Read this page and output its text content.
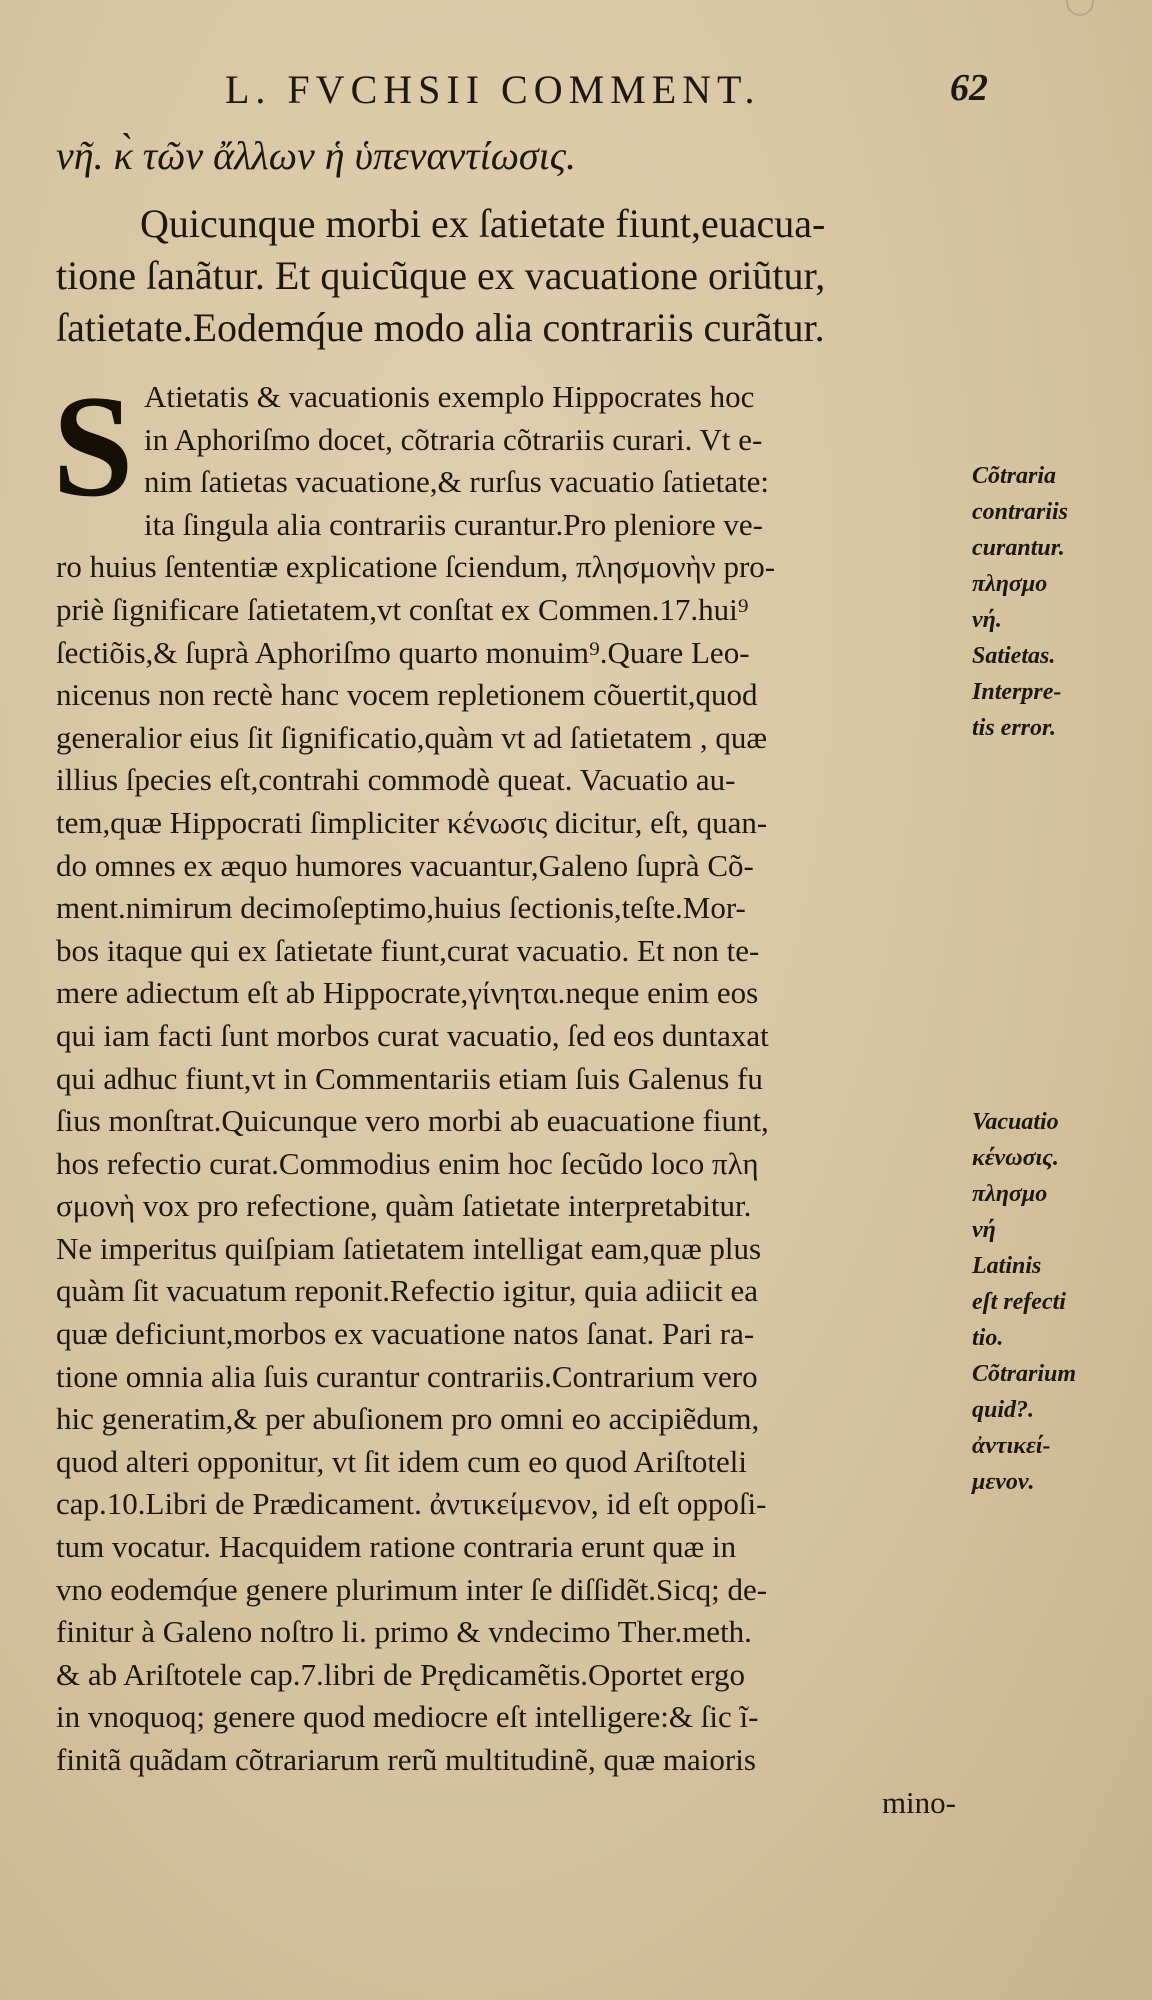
L. FVCHSII COMMENT.	62
νῆ. κ̀ τῶν ἄλλων ἡ ὑπεναντίωσις.
Quicunque morbi ex ſatietate fiunt,euacua-
tione ſanãtur. Et quicũque ex vacuatione oriũtur,
ſatietate.Eodemq́ue modo alia contrariis curãtur.
S Atietatis & vacuationis exemplo Hippocrates hoc
in Aphoriſmo docet, cõtraria cõtrariis curari. Vt e-
nim ſatietas vacuatione,& rurſus vacuatio ſatietate:
ita ſingula alia contrariis curantur.Pro pleniore ve-
ro huius ſententiæ explicatione ſciendum, πλησμονὴν pro-
priè ſignificare ſatietatem,vt conſtat ex Commen.17.hui⁹
ſectiõis,& ſuprà Aphoriſmo quarto monuim⁹.Quare Leo-
nicenus non rectè hanc vocem repletionem cõuertit,quod
generalior eius ſit ſignificatio,quàm vt ad ſatietatem , quæ
illius ſpecies eſt,contrahi commodè queat. Vacuatio au-
tem,quæ Hippocrati ſimpliciter κένωσις dicitur, eſt, quan-
do omnes ex æquo humores vacuantur,Galeno ſuprà Cõ-
ment.nimirum decimoſeptimo,huius ſectionis,teſte.Mor-
bos itaque qui ex ſatietate fiunt,curat vacuatio. Et non te-
mere adiectum eſt ab Hippocrate,γίνηται.neque enim eos
qui iam facti ſunt morbos curat vacuatio, ſed eos duntaxat
qui adhuc fiunt,vt in Commentariis etiam ſuis Galenus fu
ſius monſtrat.Quicunque vero morbi ab euacuatione fiunt,
hos refectio curat.Commodius enim hoc ſecũdo loco πλη
σμονὴ vox pro refectione, quàm ſatietate interpretabitur.
Ne imperitus quiſpiam ſatietatem intelligat eam,quæ plus
quàm ſit vacuatum reponit.Refectio igitur, quia adiicit ea
quæ deficiunt,morbos ex vacuatione natos ſanat. Pari ra-
tione omnia alia ſuis curantur contrariis.Contrarium vero
hic generatim,& per abuſionem pro omni eo accipiẽdum,
quod alteri opponitur, vt ſit idem cum eo quod Ariſtoteli
cap.10.Libri de Prædicament. ἀντικείμενον, id eſt oppoſi-
tum vocatur. Hacquidem ratione contraria erunt quæ in
vno eodemq́ue genere plurimum inter ſe diſſidẽt.Sicq; de-
finitur à Galeno noſtro li. primo & vndecimo Ther.meth.
& ab Ariſtotele cap.7.libri de Prędicamẽtis.Oportet ergo
in vnoquoq; genere quod mediocre eſt intelligere:& ſic ĩ-
finitã quãdam cõtrariarum rerũ multitudinẽ, quæ maioris
mino-
Cõtraria
contrariis
curantur.
πλησμο
νή.
Satietas.
Interpre-
tis error.
Vacuatio
κένωσις.
πλησμο
νή
Latinis
eſt refecti
tio.
Cõtrarium
quid?.
ἀντικεί-
μενον.
